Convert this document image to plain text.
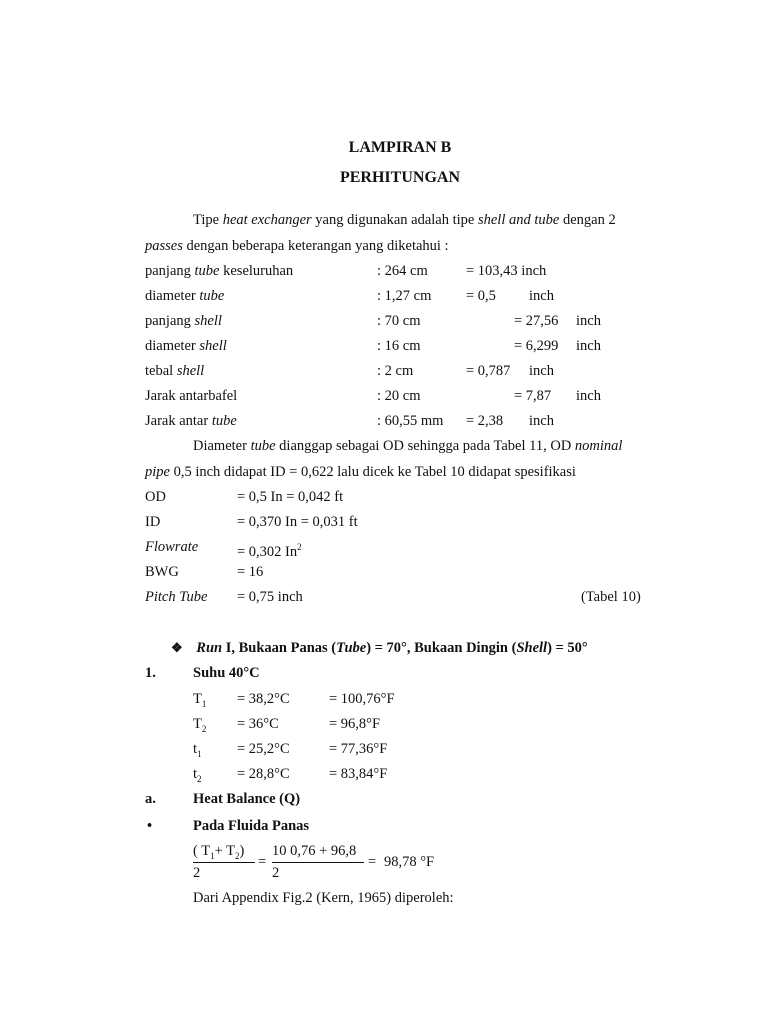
LAMPIRAN B
PERHITUNGAN
Tipe heat exchanger yang digunakan adalah tipe shell and tube dengan 2
passes dengan beberapa keterangan yang diketahui :
panjang tube keseluruhan	: 264 cm	= 103,43 inch
diameter tube	: 1,27 cm = 0,5 inch
panjang shell	: 70 cm	= 27,56 inch
diameter shell	: 16 cm	= 6,299 inch
tebal shell	: 2 cm	= 0,787 inch
Jarak antarbafel	: 20 cm	= 7,87 inch
Jarak antar tube	: 60,55 mm = 2,38 inch
Diameter tube dianggap sebagai OD sehingga pada Tabel 11, OD nominal
pipe 0,5 inch didapat ID = 0,622 lalu dicek ke Tabel 10 didapat spesifikasi
OD	= 0,5 In = 0,042 ft
ID	= 0,370 In = 0,031 ft
Flowrate	= 0,302 In$^2$
BWG	= 16
Pitch Tube = 0,75 inch	(Tabel 10)
❖ Run I, Bukaan Panas (Tube) = 70°, Bukaan Dingin (Shell) = 50°
1.	Suhu 40°C
$T_1 = 38,2^\circ C$	= 100,76°F
$T_2 = 36^\circ C$	= 96,8°F
$t_1 = 25,2^\circ C$	= 77,36°F
$t_2 = 28,8^\circ C$	= 83,84°F
a.	Heat Balance (Q)
•	Pada Fluida Panas
( $T_1+ T_2$)
2
=
10 0,76 + 96,8
2
= 98,78 °F
Dari Appendix Fig.2 (Kern, 1965) diperoleh:
